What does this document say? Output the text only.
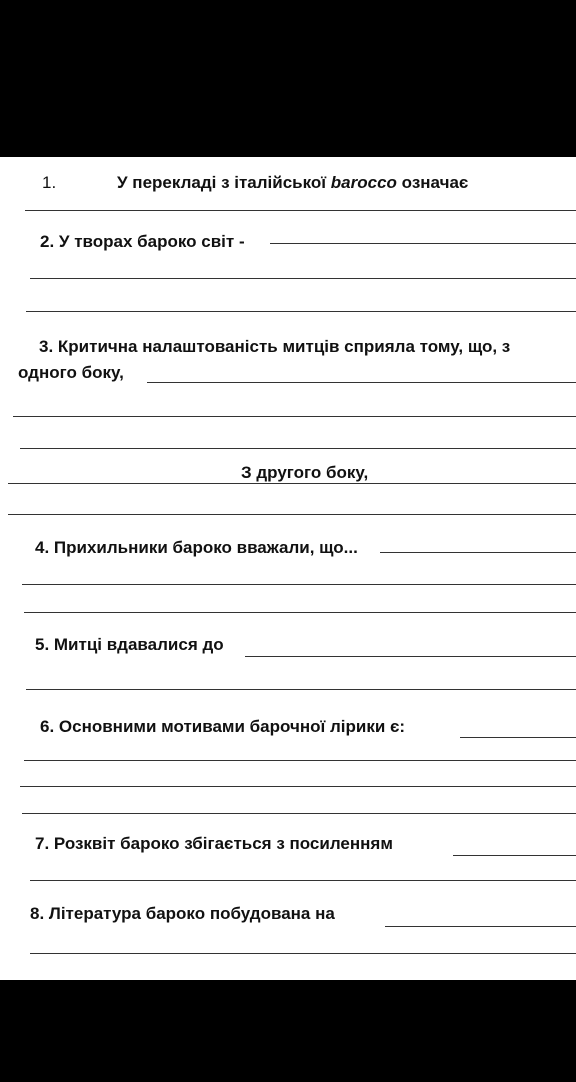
1.	У перекладі з італійської barocco означає
2. У творах бароко світ -
3. Критична налаштованість митців сприяла тому, що, з
одного боку,
З другого боку,
4. Прихильники бароко вважали, що...
5. Митці вдавалися до
6. Основними мотивами барочної лірики є:
7. Розквіт бароко збігається з посиленням
8. Література бароко побудована на
